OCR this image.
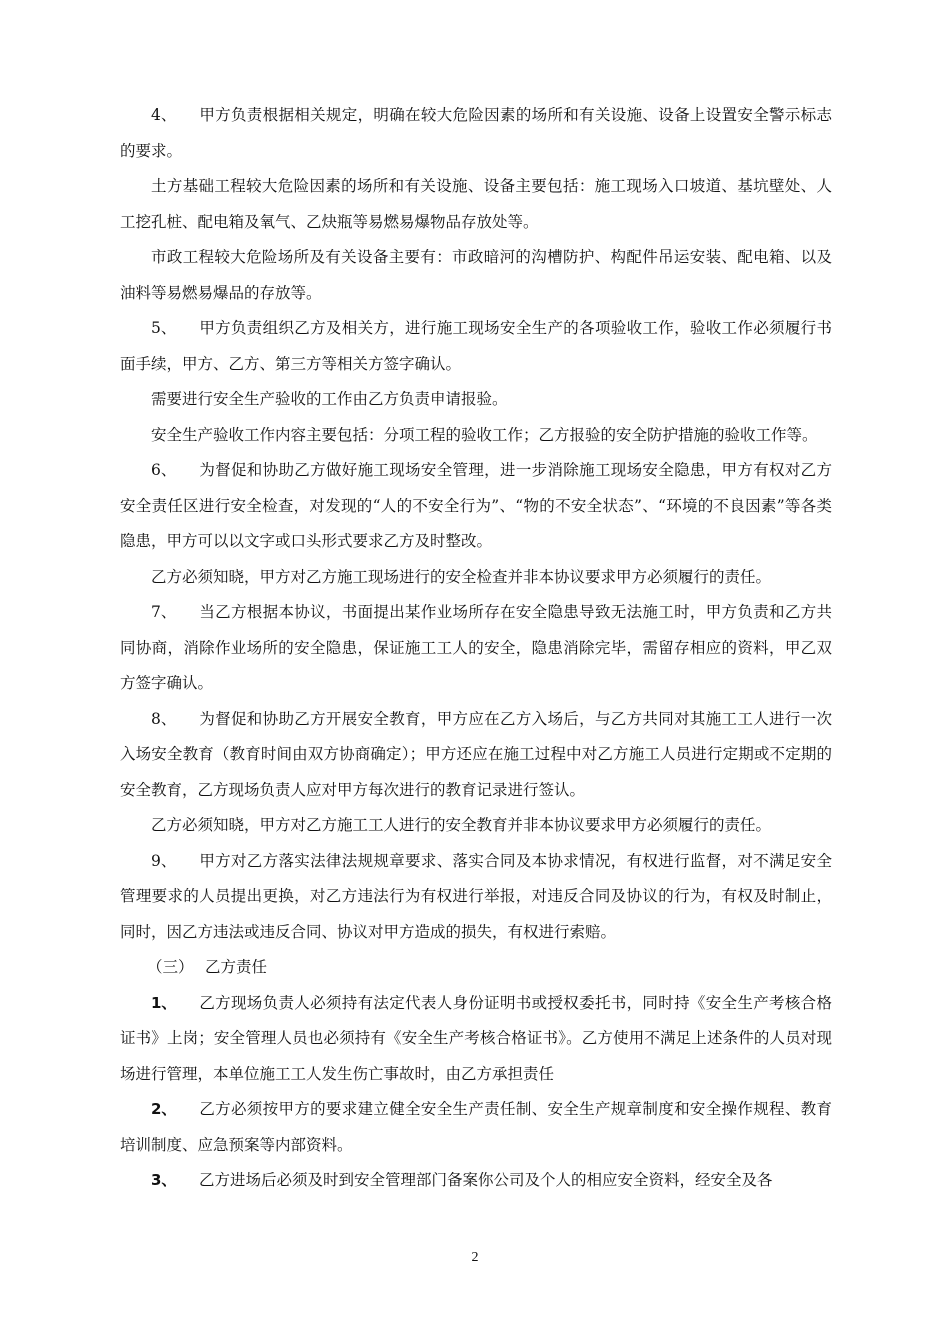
4、 甲方负责根据相关规定，明确在较大危险因素的场所和有关设施、设备上设置安全警示标志的要求。

土方基础工程较大危险因素的场所和有关设施、设备主要包括：施工现场入口坡道、基坑壁处、人工挖孔桩、配电箱及氧气、乙炔瓶等易燃易爆物品存放处等。

市政工程较大危险场所及有关设备主要有：市政暗河的沟槽防护、构配件吊运安装、配电箱、以及油料等易燃易爆品的存放等。

5、 甲方负责组织乙方及相关方，进行施工现场安全生产的各项验收工作，验收工作必须履行书面手续，甲方、乙方、第三方等相关方签字确认。

需要进行安全生产验收的工作由乙方负责申请报验。

安全生产验收工作内容主要包括：分项工程的验收工作；乙方报验的安全防护措施的验收工作等。

6、 为督促和协助乙方做好施工现场安全管理，进一步消除施工现场安全隐患，甲方有权对乙方安全责任区进行安全检查，对发现的“人的不安全行为”、“物的不安全状态”、“环境的不良因素”等各类隐患，甲方可以以文字或口头形式要求乙方及时整改。

乙方必须知晓，甲方对乙方施工现场进行的安全检查并非本协议要求甲方必须履行的责任。

7、 当乙方根据本协议，书面提出某作业场所存在安全隐患导致无法施工时，甲方负责和乙方共同协商，消除作业场所的安全隐患，保证施工工人的安全，隐患消除完毕，需留存相应的资料，甲乙双方签字确认。

8、 为督促和协助乙方开展安全教育，甲方应在乙方入场后，与乙方共同对其施工工人进行一次入场安全教育（教育时间由双方协商确定）；甲方还应在施工过程中对乙方施工人员进行定期或不定期的安全教育，乙方现场负责人应对甲方每次进行的教育记录进行签认。

乙方必须知晓，甲方对乙方施工工人进行的安全教育并非本协议要求甲方必须履行的责任。

9、 甲方对乙方落实法律法规规章要求、落实合同及本协求情况，有权进行监督，对不满足安全管理要求的人员提出更换，对乙方违法行为有权进行举报，对违反合同及协议的行为，有权及时制止，同时，因乙方违法或违反合同、协议对甲方造成的损失，有权进行索赔。

（三） 乙方责任

1、 乙方现场负责人必须持有法定代表人身份证明书或授权委托书，同时持《安全生产考核合格证书》上岗；安全管理人员也必须持有《安全生产考核合格证书》。乙方使用不满足上述条件的人员对现场进行管理，本单位施工工人发生伤亡事故时，由乙方承担责任

2、 乙方必须按甲方的要求建立健全安全生产责任制、安全生产规章制度和安全操作规程、教育培训制度、应急预案等内部资料。

3、 乙方进场后必须及时到安全管理部门备案你公司及个人的相应安全资料，经安全及各

2
